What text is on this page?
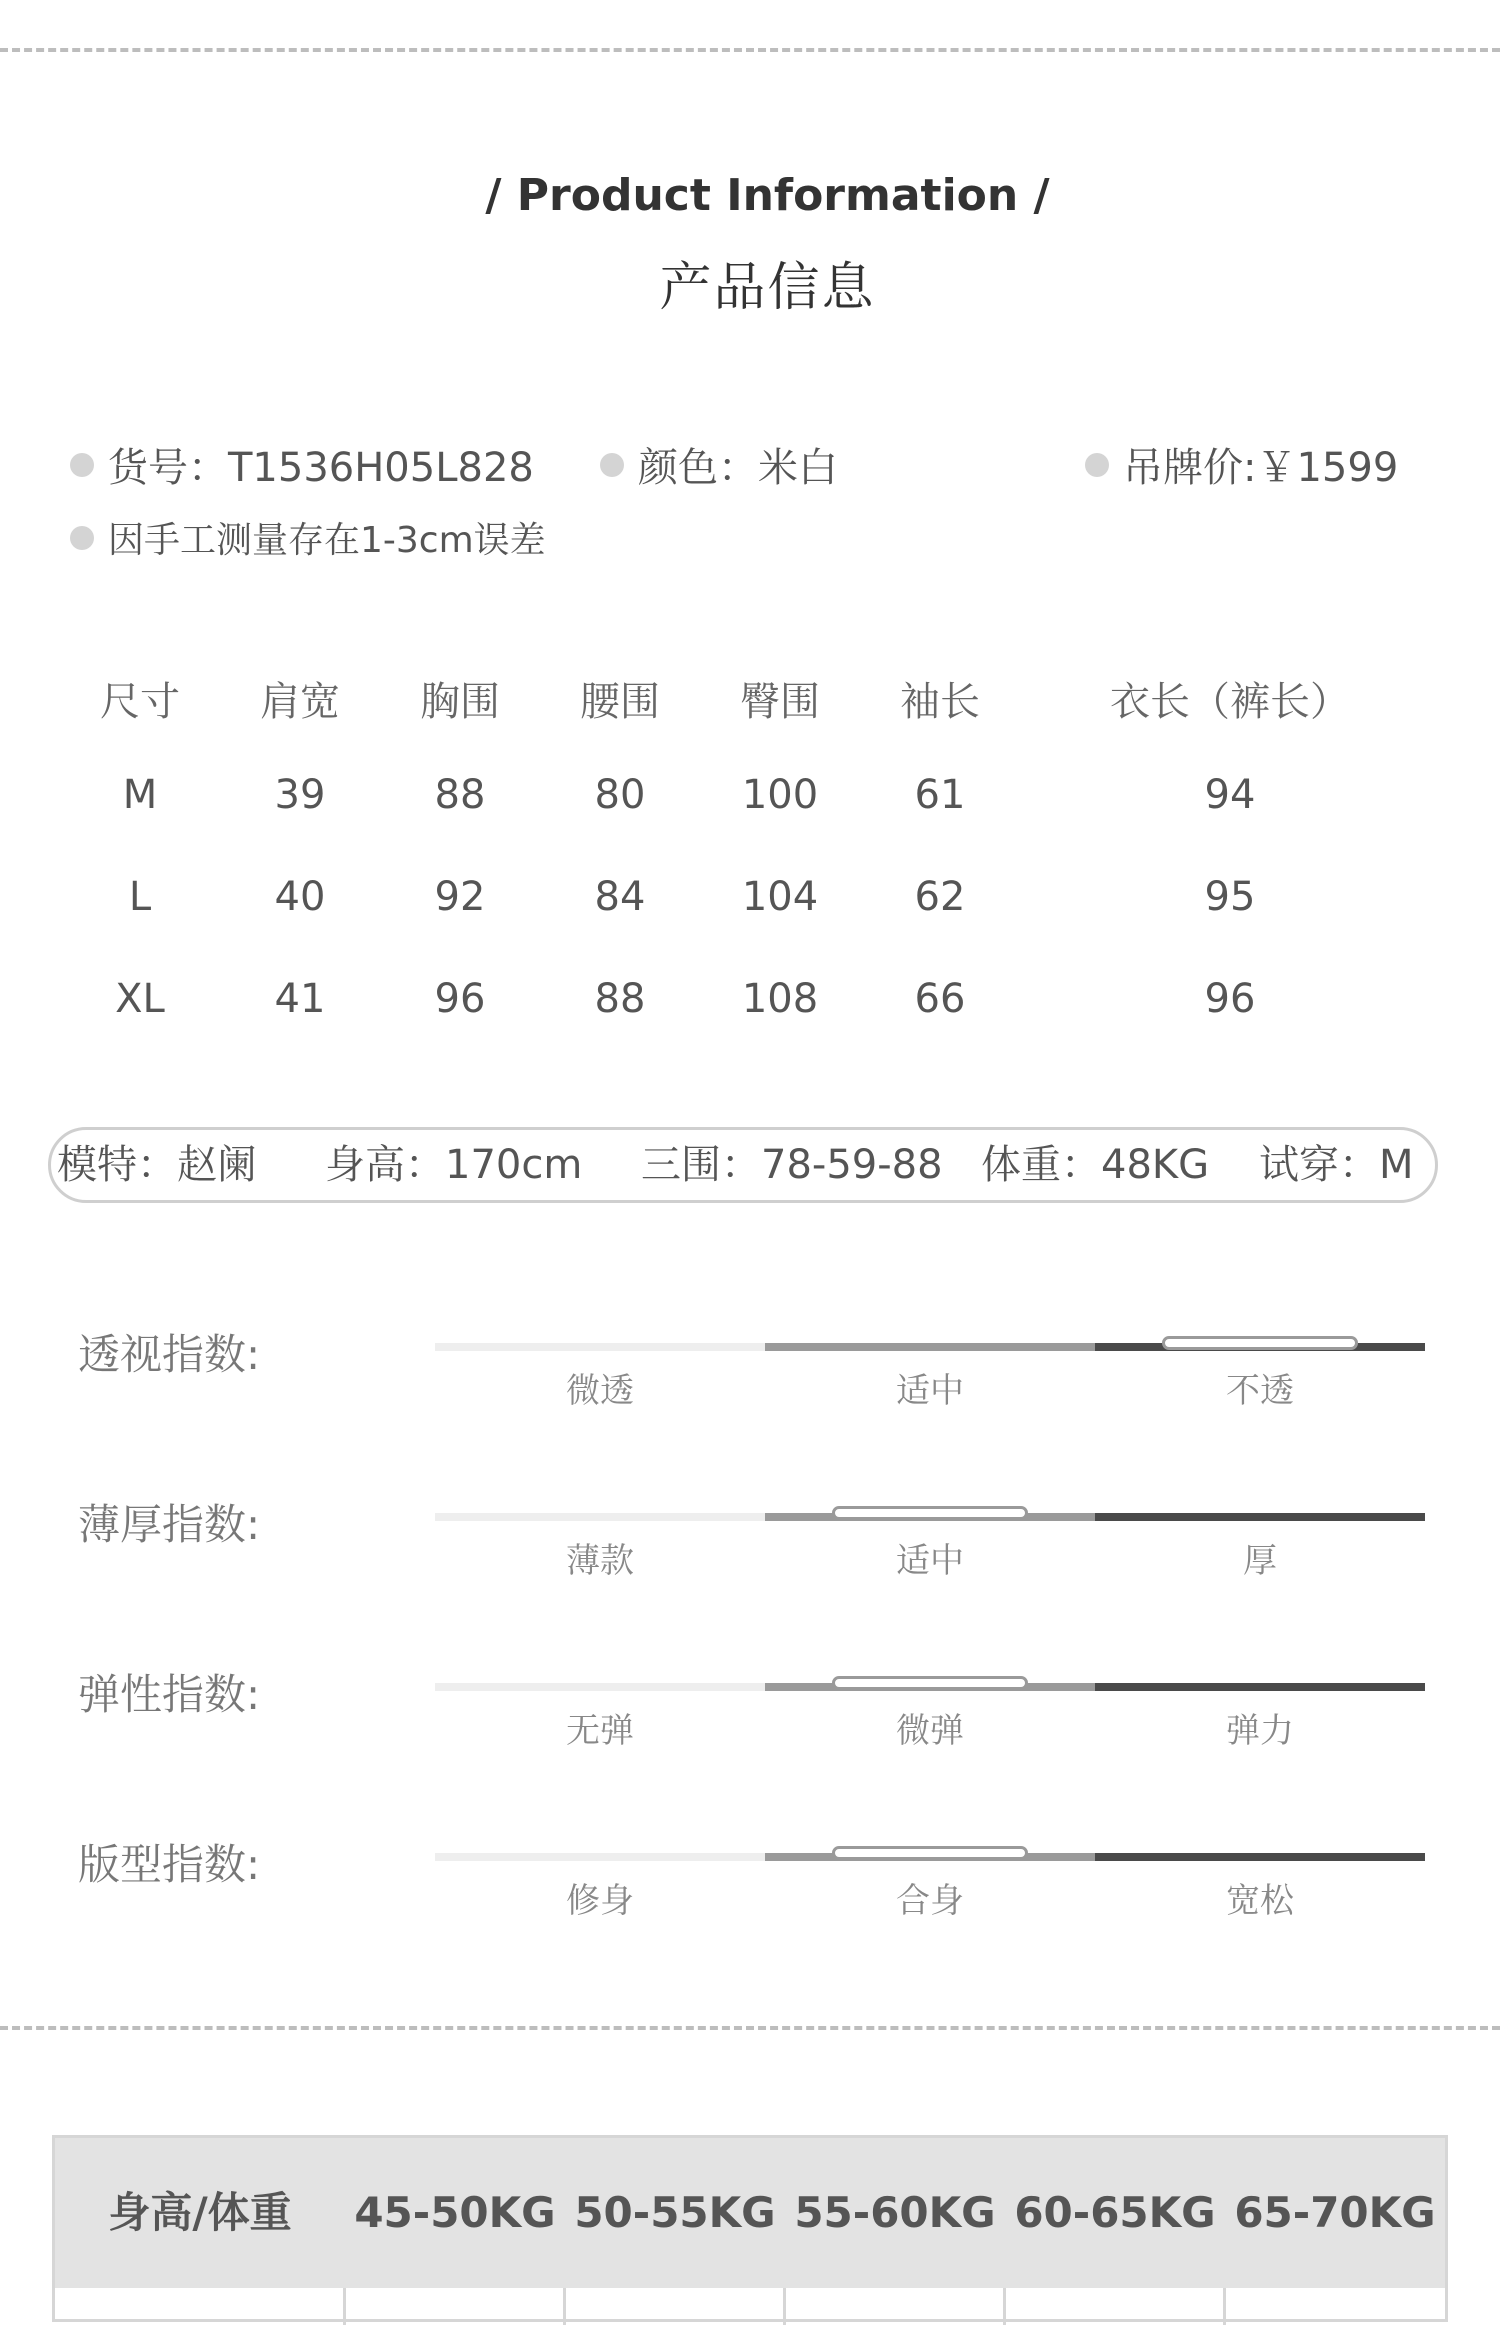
/ Product Information /
产品信息
货号：T1536H05L828	颜色：米白	吊牌价:￥1599
因手工测量存在1-3cm误差
尺寸	肩宽	胸围	腰围	臀围	袖长	衣长（裤长）
M	39	88	80	100	61	94
L	40	92	84	104	62	95
XL	41	96	88	108	66	96
模特：赵阑 身高：170cm 三围：78-59-88 体重：48KG 试穿：M
透视指数:
微透	适中	不透
薄厚指数:
薄款	适中	厚
弹性指数:
无弹	微弹	弹力
版型指数:
修身	合身	宽松
身高/体重	45-50KG 50-55KG 55-60KG 60-65KG 65-70KG
